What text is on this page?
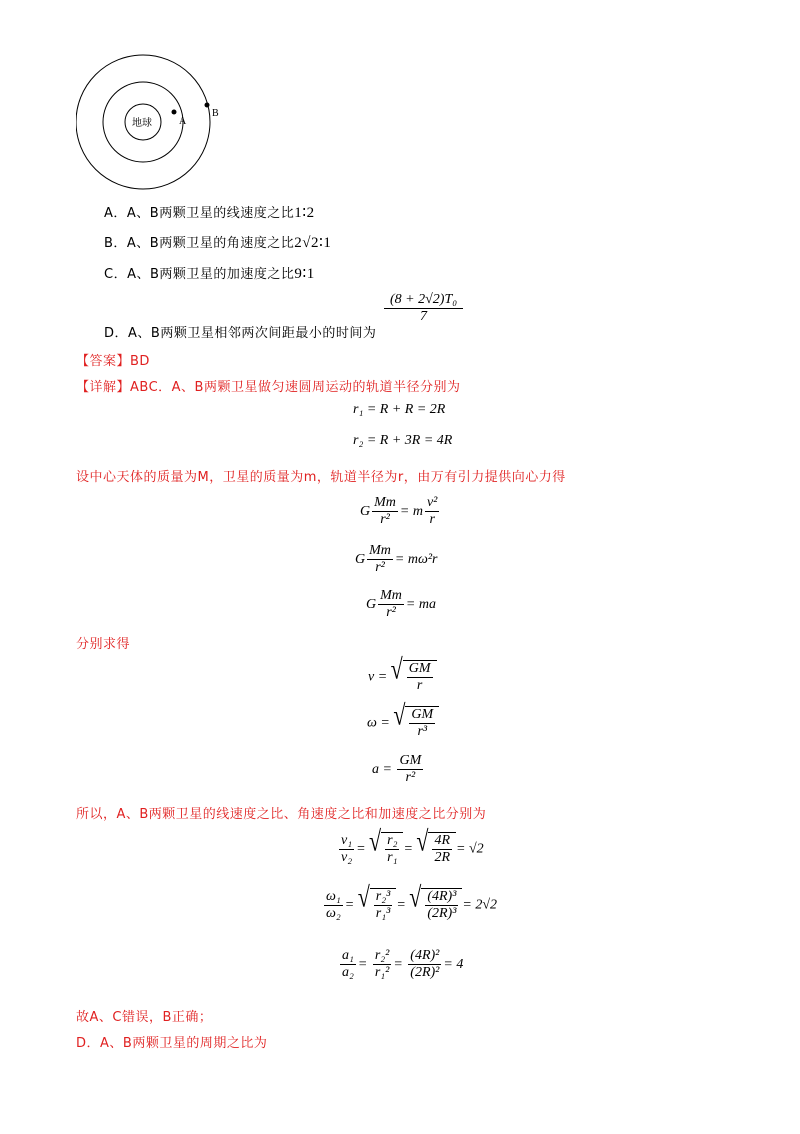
地球	A
B
A．A、B两颗卫星的线速度之比1∶2
B．A、B两颗卫星的角速度之比2√2∶1
C．A、B两颗卫星的加速度之比9∶1
D．A、B两颗卫星相邻两次间距最小的时间为
$\frac{\text{(8 + 2√2)T₀}}{7}$
【答案】BD
【详解】ABC．A、B两颗卫星做匀速圆周运动的轨道半径分别为
r₁ = R + R = 2R
r₂ = R + 3R = 4R
设中心天体的质量为M，卫星的质量为m，轨道半径为r，由万有引力提供向心力得
G $\frac{Mm}{\text{r²}} = m \frac{\text{v²}}{r}$
G $\frac{Mm}{\text{r²}} = m\omega^2r$
G $\frac{Mm}{\text{r²}}$ = ma
分别求得
v = √ $\frac{GM}{r}$
ω = √ $\frac{GM}{\text{r³}}$
$a = \frac{GM}{\text{r²}}$
所以，A、B两颗卫星的线速度之比、角速度之比和加速度之比分别为
$\frac{\text{v₁}}{\text{v₂}}$ = √ $\frac{\text{r₂}}{\text{r₁}}$ = √ $\frac{4R}{2R} = √2$
$\frac{\text{ω₁}}{\text{ω₂}}$ = √ $\frac{\text{r₂³}}{\text{r₁³}}$ = √ $\frac{\text{(4R)³}}{\text{(2R)³}} = 2√2$
$\frac{\text{a₁}}{\text{a₂}} = \frac{\text{r₂²}}{\text{r₁²}} = \frac{\text{(4R)²}}{\text{(2R)²}} = 4$
故A、C错误，B正确；
D．A、B两颗卫星的周期之比为
